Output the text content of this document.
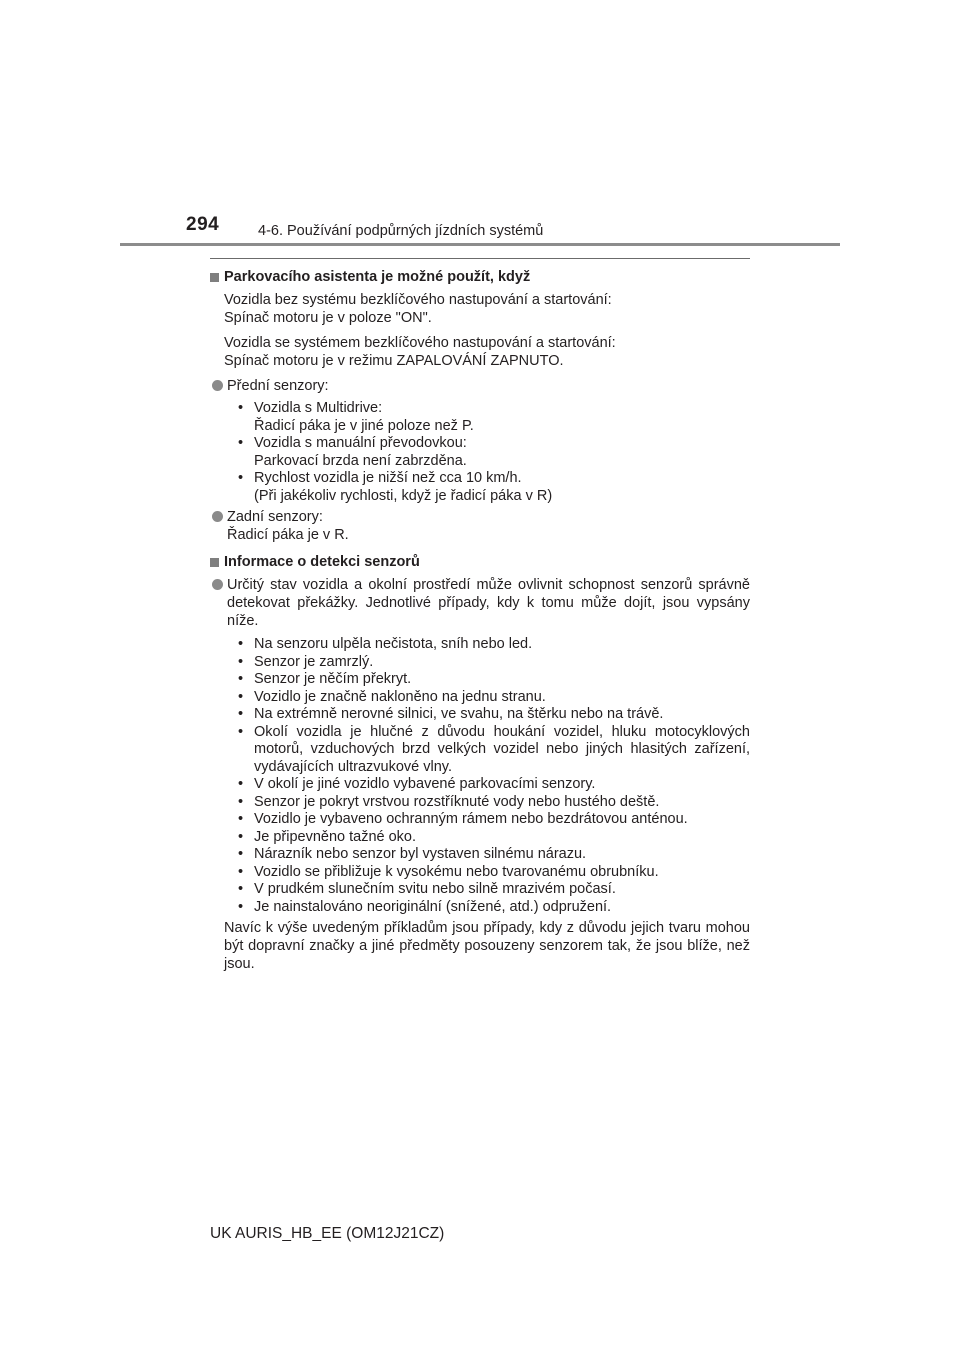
294	4-6. Používání podpůrných jízdních systémů
Parkovacího asistenta je možné použít, když

Vozidla bez systému bezklíčového nastupování a startování:

Spínač motoru je v poloze "ON".

Vozidla se systémem bezklíčového nastupování a startování:

Spínač motoru je v režimu ZAPALOVÁNÍ ZAPNUTO.

Přední senzory:

• Vozidla s Multidrive:

Řadicí páka je v jiné poloze než P.

• Vozidla s manuální převodovkou:

Parkovací brzda není zabrzděna.

• Rychlost vozidla je nižší než cca 10 km/h.

(Při jakékoliv rychlosti, když je řadicí páka v R)

Zadní senzory:

Řadicí páka je v R.

Informace o detekci senzorů

Určitý stav vozidla a okolní prostředí může ovlivnit schopnost senzorů správně detekovat překážky. Jednotlivé případy, kdy k tomu může dojít, jsou vypsány níže.

• Na senzoru ulpěla nečistota, sníh nebo led.
• Senzor je zamrzlý.
• Senzor je něčím překryt.
• Vozidlo je značně nakloněno na jednu stranu.
• Na extrémně nerovné silnici, ve svahu, na štěrku nebo na trávě.
• Okolí vozidla je hlučné z důvodu houkání vozidel, hluku motocyklových motorů, vzduchových brzd velkých vozidel nebo jiných hlasitých zařízení, vydávajících ultrazvukové vlny.
• V okolí je jiné vozidlo vybavené parkovacími senzory.
• Senzor je pokryt vrstvou rozstříknuté vody nebo hustého deště.
• Vozidlo je vybaveno ochranným rámem nebo bezdrátovou anténou.
• Je připevněno tažné oko.
• Nárazník nebo senzor byl vystaven silnému nárazu.
• Vozidlo se přibližuje k vysokému nebo tvarovanému obrubníku.
• V prudkém slunečním svitu nebo silně mrazivém počasí.
• Je nainstalováno neoriginální (snížené, atd.) odpružení.
Navíc k výše uvedeným příkladům jsou případy, kdy z důvodu jejich tvaru mohou být dopravní značky a jiné předměty posouzeny senzorem tak, že jsou blíže, než jsou.
UK AURIS_HB_EE (OM12J21CZ)
